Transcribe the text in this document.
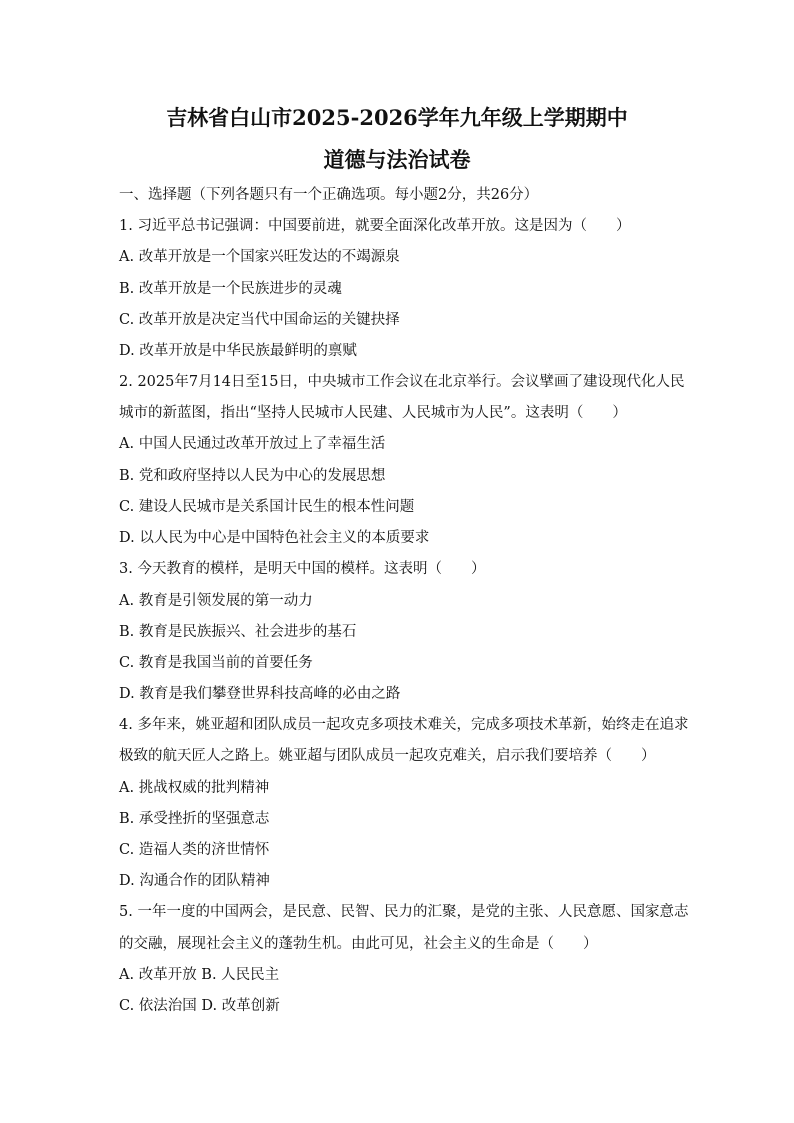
吉林省白山市2025-2026学年九年级上学期期中
道德与法治试卷
一、选择题（下列各题只有一个正确选项。每小题2分，共26分）
1. 习近平总书记强调：中国要前进，就要全面深化改革开放。这是因为（　　）
A. 改革开放是一个国家兴旺发达的不竭源泉
B. 改革开放是一个民族进步的灵魂
C. 改革开放是决定当代中国命运的关键抉择
D. 改革开放是中华民族最鲜明的禀赋
2. 2025年7月14日至15日，中央城市工作会议在北京举行。会议擘画了建设现代化人民
城市的新蓝图，指出“坚持人民城市人民建、人民城市为人民”。这表明（　　）
A. 中国人民通过改革开放过上了幸福生活
B. 党和政府坚持以人民为中心的发展思想
C. 建设人民城市是关系国计民生的根本性问题
D. 以人民为中心是中国特色社会主义的本质要求
3. 今天教育的模样，是明天中国的模样。这表明（　　）
A. 教育是引领发展的第一动力
B. 教育是民族振兴、社会进步的基石
C. 教育是我国当前的首要任务
D. 教育是我们攀登世界科技高峰的必由之路
4. 多年来，姚亚超和团队成员一起攻克多项技术难关，完成多项技术革新，始终走在追求
极致的航天匠人之路上。姚亚超与团队成员一起攻克难关，启示我们要培养（　　）
A. 挑战权威的批判精神
B. 承受挫折的坚强意志
C. 造福人类的济世情怀
D. 沟通合作的团队精神
5. 一年一度的中国两会，是民意、民智、民力的汇聚，是党的主张、人民意愿、国家意志
的交融，展现社会主义的蓬勃生机。由此可见，社会主义的生命是（　　）
A. 改革开放 B. 人民民主
C. 依法治国 D. 改革创新
